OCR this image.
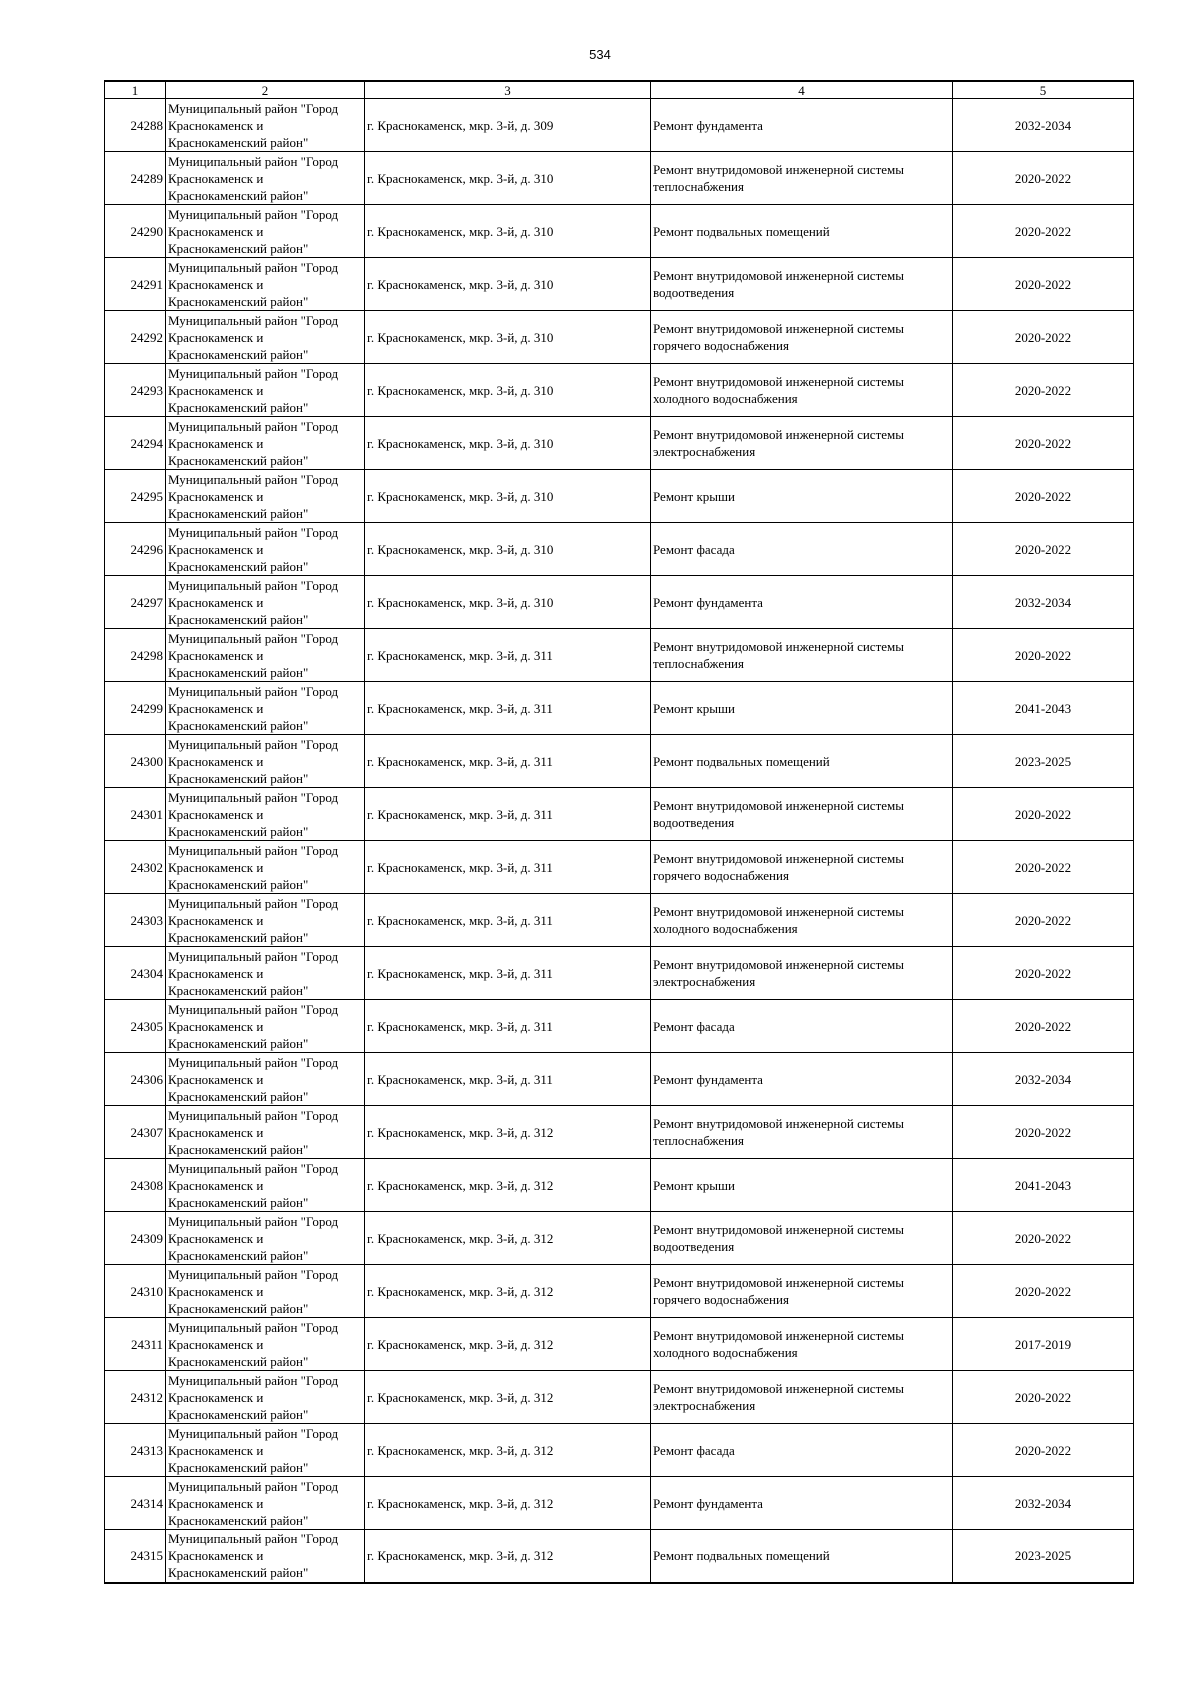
534
1	2	3	4	5
24288	Муниципальный район "Город
Краснокаменск и
Краснокаменский район"	г. Краснокаменск, мкр. 3-й, д. 309	Ремонт фундамента	2032-2034
24289	Муниципальный район "Город
Краснокаменск и
Краснокаменский район"	г. Краснокаменск, мкр. 3-й, д. 310	Ремонт внутридомовой инженерной системы теплоснабжения	2020-2022
24290	Муниципальный район "Город
Краснокаменск и
Краснокаменский район"	г. Краснокаменск, мкр. 3-й, д. 310	Ремонт подвальных помещений	2020-2022
24291	Муниципальный район "Город
Краснокаменск и
Краснокаменский район"	г. Краснокаменск, мкр. 3-й, д. 310	Ремонт внутридомовой инженерной системы водоотведения	2020-2022
24292	Муниципальный район "Город
Краснокаменск и
Краснокаменский район"	г. Краснокаменск, мкр. 3-й, д. 310	Ремонт внутридомовой инженерной системы горячего водоснабжения	2020-2022
24293	Муниципальный район "Город
Краснокаменск и
Краснокаменский район"	г. Краснокаменск, мкр. 3-й, д. 310	Ремонт внутридомовой инженерной системы холодного водоснабжения	2020-2022
24294	Муниципальный район "Город
Краснокаменск и
Краснокаменский район"	г. Краснокаменск, мкр. 3-й, д. 310	Ремонт внутридомовой инженерной системы электроснабжения	2020-2022
24295	Муниципальный район "Город
Краснокаменск и
Краснокаменский район"	г. Краснокаменск, мкр. 3-й, д. 310	Ремонт крыши	2020-2022
24296	Муниципальный район "Город
Краснокаменск и
Краснокаменский район"	г. Краснокаменск, мкр. 3-й, д. 310	Ремонт фасада	2020-2022
24297	Муниципальный район "Город
Краснокаменск и
Краснокаменский район"	г. Краснокаменск, мкр. 3-й, д. 310	Ремонт фундамента	2032-2034
24298	Муниципальный район "Город
Краснокаменск и
Краснокаменский район"	г. Краснокаменск, мкр. 3-й, д. 311	Ремонт внутридомовой инженерной системы теплоснабжения	2020-2022
24299	Муниципальный район "Город
Краснокаменск и
Краснокаменский район"	г. Краснокаменск, мкр. 3-й, д. 311	Ремонт крыши	2041-2043
24300	Муниципальный район "Город
Краснокаменск и
Краснокаменский район"	г. Краснокаменск, мкр. 3-й, д. 311	Ремонт подвальных помещений	2023-2025
24301	Муниципальный район "Город
Краснокаменск и
Краснокаменский район"	г. Краснокаменск, мкр. 3-й, д. 311	Ремонт внутридомовой инженерной системы водоотведения	2020-2022
24302	Муниципальный район "Город
Краснокаменск и
Краснокаменский район"	г. Краснокаменск, мкр. 3-й, д. 311	Ремонт внутридомовой инженерной системы горячего водоснабжения	2020-2022
24303	Муниципальный район "Город
Краснокаменск и
Краснокаменский район"	г. Краснокаменск, мкр. 3-й, д. 311	Ремонт внутридомовой инженерной системы холодного водоснабжения	2020-2022
24304	Муниципальный район "Город
Краснокаменск и
Краснокаменский район"	г. Краснокаменск, мкр. 3-й, д. 311	Ремонт внутридомовой инженерной системы электроснабжения	2020-2022
24305	Муниципальный район "Город
Краснокаменск и
Краснокаменский район"	г. Краснокаменск, мкр. 3-й, д. 311	Ремонт фасада	2020-2022
24306	Муниципальный район "Город
Краснокаменск и
Краснокаменский район"	г. Краснокаменск, мкр. 3-й, д. 311	Ремонт фундамента	2032-2034
24307	Муниципальный район "Город
Краснокаменск и
Краснокаменский район"	г. Краснокаменск, мкр. 3-й, д. 312	Ремонт внутридомовой инженерной системы теплоснабжения	2020-2022
24308	Муниципальный район "Город
Краснокаменск и
Краснокаменский район"	г. Краснокаменск, мкр. 3-й, д. 312	Ремонт крыши	2041-2043
24309	Муниципальный район "Город
Краснокаменск и
Краснокаменский район"	г. Краснокаменск, мкр. 3-й, д. 312	Ремонт внутридомовой инженерной системы водоотведения	2020-2022
24310	Муниципальный район "Город
Краснокаменск и
Краснокаменский район"	г. Краснокаменск, мкр. 3-й, д. 312	Ремонт внутридомовой инженерной системы горячего водоснабжения	2020-2022
24311	Муниципальный район "Город
Краснокаменск и
Краснокаменский район"	г. Краснокаменск, мкр. 3-й, д. 312	Ремонт внутридомовой инженерной системы холодного водоснабжения	2017-2019
24312	Муниципальный район "Город
Краснокаменск и
Краснокаменский район"	г. Краснокаменск, мкр. 3-й, д. 312	Ремонт внутридомовой инженерной системы электроснабжения	2020-2022
24313	Муниципальный район "Город
Краснокаменск и
Краснокаменский район"	г. Краснокаменск, мкр. 3-й, д. 312	Ремонт фасада	2020-2022
24314	Муниципальный район "Город
Краснокаменск и
Краснокаменский район"	г. Краснокаменск, мкр. 3-й, д. 312	Ремонт фундамента	2032-2034
24315	Муниципальный район "Город
Краснокаменск и
Краснокаменский район"	г. Краснокаменск, мкр. 3-й, д. 312	Ремонт подвальных помещений	2023-2025
